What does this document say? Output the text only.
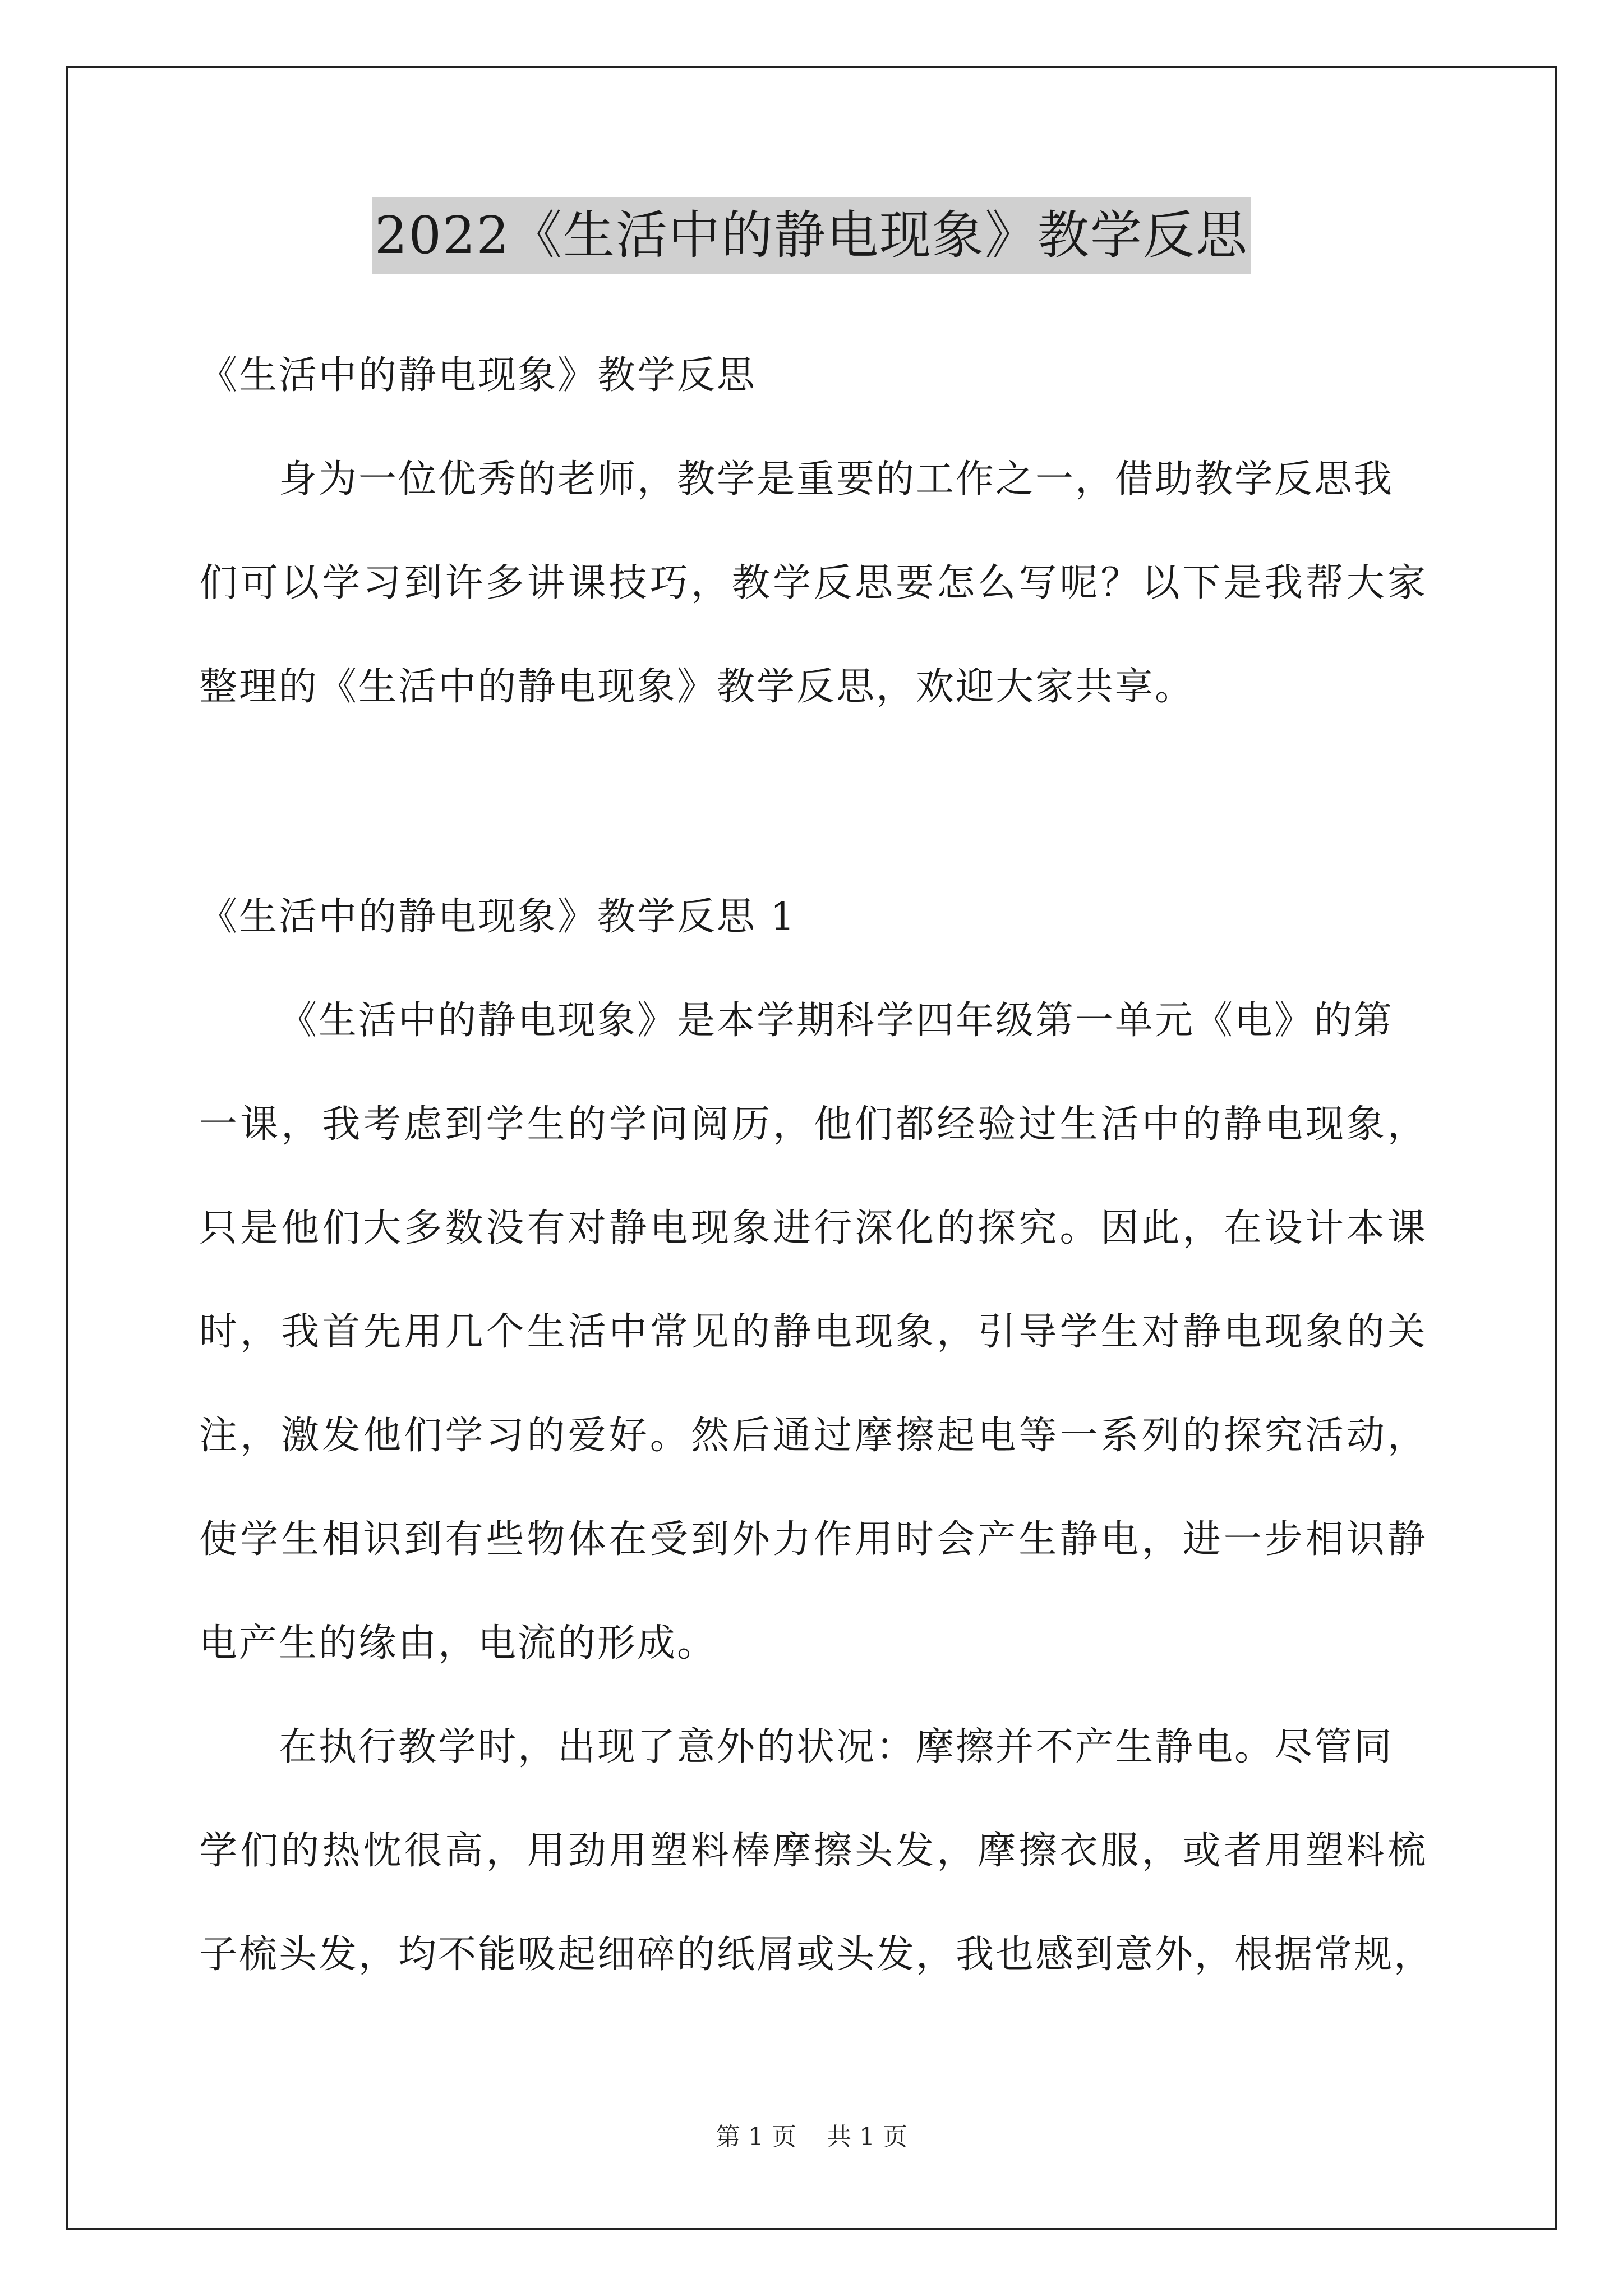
2022《生活中的静电现象》教学反思
《生活中的静电现象》教学反思
身为一位优秀的老师，教学是重要的工作之一，借助教学反思我
们可以学习到许多讲课技巧，教学反思要怎么写呢？以下是我帮大家
整理的《生活中的静电现象》教学反思，欢迎大家共享。
《生活中的静电现象》教学反思 1
《生活中的静电现象》是本学期科学四年级第一单元《电》的第
一课，我考虑到学生的学问阅历，他们都经验过生活中的静电现象，
只是他们大多数没有对静电现象进行深化的探究。因此，在设计本课
时，我首先用几个生活中常见的静电现象，引导学生对静电现象的关
注，激发他们学习的爱好。然后通过摩擦起电等一系列的探究活动，
使学生相识到有些物体在受到外力作用时会产生静电，进一步相识静
电产生的缘由，电流的形成。
在执行教学时，出现了意外的状况：摩擦并不产生静电。尽管同
学们的热忱很高，用劲用塑料棒摩擦头发，摩擦衣服，或者用塑料梳
子梳头发，均不能吸起细碎的纸屑或头发，我也感到意外，根据常规，
第 1 页 共 1 页
